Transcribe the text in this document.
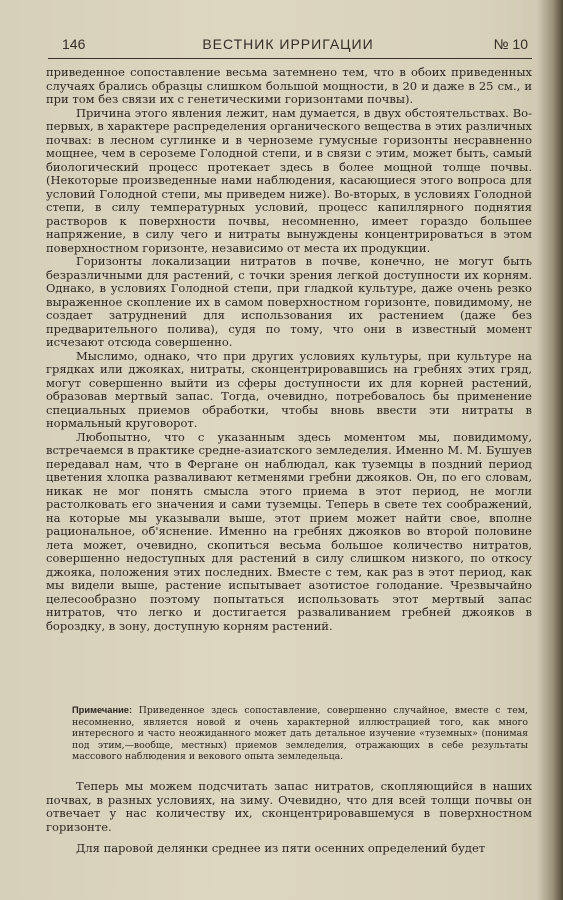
146	ВЕСТНИК ИРРИГАЦИИ	№ 10

приведенное сопоставление весьма затемнено тем, что в обоих приведенных случаях брались образцы слишком большой мощности, в 20 и даже в 25 см., и при том без связи их с генетическими горизонтами почвы).

Причина этого явления лежит, нам думается, в двух обстоятельствах. Во-первых, в характере распределения органического вещества в этих различных почвах: в лесном суглинке и в черноземе гумусные горизонты несравненно мощнее, чем в сероземе Голодной степи, и в связи с этим, может быть, самый биологический процесс протекает здесь в более мощной толще почвы. (Некоторые произведенные нами наблюдения, касающиеся этого вопроса для условий Голодной степи, мы приведем ниже). Во-вторых, в условиях Голодной степи, в силу температурных условий, процесс капиллярного поднятия растворов к поверхности почвы, несомненно, имеет гораздо большее напряжение, в силу чего и нитраты вынуждены концентрироваться в этом поверхностном горизонте, независимо от места их продукции.

Горизонты локализации нитратов в почве, конечно, не могут быть безразличными для растений, с точки зрения легкой доступности их корням. Однако, в условиях Голодной степи, при гладкой культуре, даже очень резко выраженное скопление их в самом поверхностном горизонте, повидимому, не создает затруднений для использования их растением (даже без предварительного полива), судя по тому, что они в известный момент исчезают отсюда совершенно.

Мыслимо, однако, что при других условиях культуры, при культуре на грядках или джояках, нитраты, сконцентрировавшись на гребнях этих гряд, могут совершенно выйти из сферы доступности их для корней растений, образовав мертвый запас. Тогда, очевидно, потребовалось бы применение специальных приемов обработки, чтобы вновь ввести эти нитраты в нормальный круговорот.

Любопытно, что с указанным здесь моментом мы, повидимому, встречаемся в практике средне-азиатского земледелия. Именно М. М. Бушуев передавал нам, что в Фергане он наблюдал, как туземцы в поздний период цветения хлопка разваливают кетменями гребни джояков. Он, по его словам, никак не мог понять смысла этого приема в этот период, не могли растолковать его значения и сами туземцы. Теперь в свете тех соображений, на которые мы указывали выше, этот прием может найти свое, вполне рациональное, об'яснение. Именно на гребнях джояков во второй половине лета может, очевидно, скопиться весьма большое количество нитратов, совершенно недоступных для растений в силу слишком низкого, по откосу джояка, положения этих последних. Вместе с тем, как раз в этот период, как мы видели выше, растение испытывает азотистое голодание. Чрезвычайно целесообразно поэтому попытаться использовать этот мертвый запас нитратов, что легко и достигается разваливанием гребней джояков в бороздку, в зону, доступную корням растений.

Примечание: Приведенное здесь сопоставление, совершенно случайное, вместе с тем, несомненно, является новой и очень характерной иллюстрацией того, как много интересного и часто неожиданного может дать детальное изучение «туземных» (понимая под этим,—вообще, местных) приемов земледелия, отражающих в себе результаты массового наблюдения и векового опыта земледельца.

Теперь мы можем подсчитать запас нитратов, скопляющийся в наших почвах, в разных условиях, на зиму. Очевидно, что для всей толщи почвы он отвечает у нас количеству их, сконцентрировавшемуся в поверхностном горизонте.

Для паровой делянки среднее из пяти осенних определений будет
